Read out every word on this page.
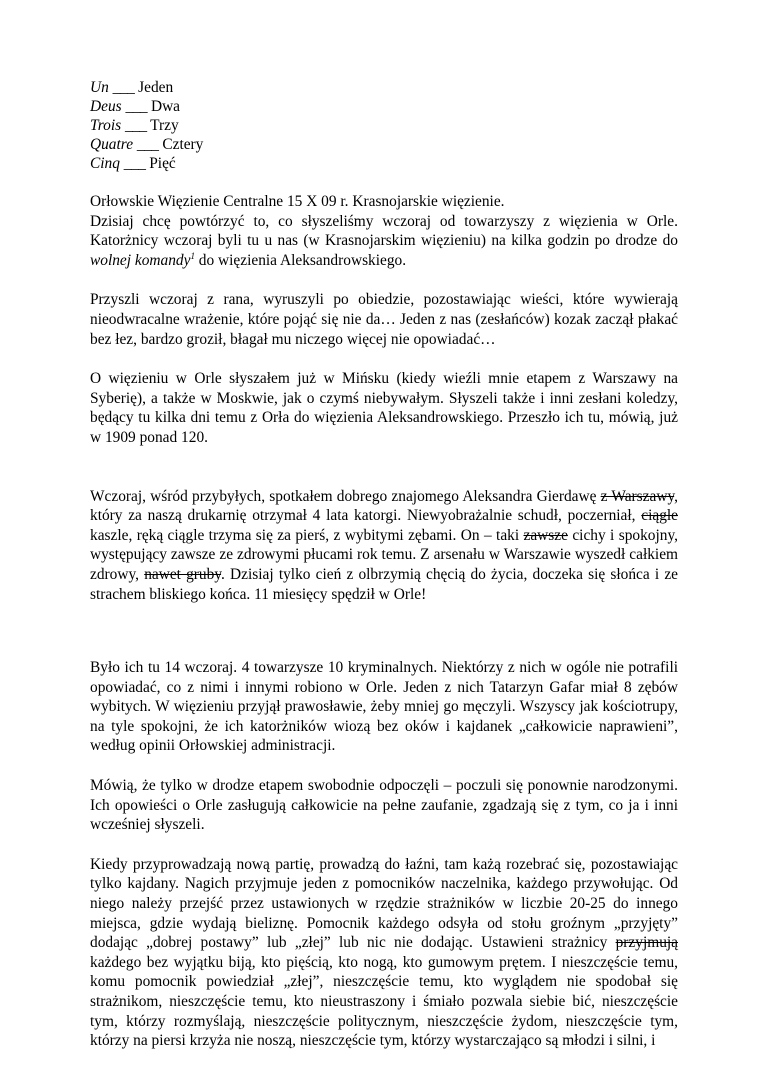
Un ___ Jeden
Deus ___ Dwa
Trois ___ Trzy
Quatre ___ Cztery
Cinq ___ Pięć

Orłowskie Więzienie Centralne 15 X 09 r. Krasnojarskie więzienie.
Dzisiaj chcę powtórzyć to, co słyszeliśmy wczoraj od towarzyszy z więzienia w Orle. Katorżnicy wczoraj byli tu u nas (w Krasnojarskim więzieniu) na kilka godzin po drodze do wolnej komandy$^1$ do więzienia Aleksandrowskiego.

Przyszli wczoraj z rana, wyruszyli po obiedzie, pozostawiając wieści, które wywierają nieodwracalne wrażenie, które pojąć się nie da… Jeden z nas (zesłańców) kozak zaczął płakać bez łez, bardzo groził, błagał mu niczego więcej nie opowiadać…

O więzieniu w Orle słyszałem już w Mińsku (kiedy wieźli mnie etapem z Warszawy na Syberię), a także w Moskwie, jak o czymś niebywałym. Słyszeli także i inni zesłani koledzy, będący tu kilka dni temu z Orła do więzienia Aleksandrowskiego. Przeszło ich tu, mówią, już w 1909 ponad 120.

Wczoraj, wśród przybyłych, spotkałem dobrego znajomego Aleksandra Gierdawę z Warszawy, który za naszą drukarnię otrzymał 4 lata katorgi. Niewyobrażalnie schudł, poczerniał, ciągle kaszle, ręką ciągle trzyma się za pierś, z wybitymi zębami. On – taki zawsze cichy i spokojny, występujący zawsze ze zdrowymi płucami rok temu. Z arsenału w Warszawie wyszedł całkiem zdrowy, nawet gruby. Dzisiaj tylko cień z olbrzymią chęcią do życia, doczeka się słońca i ze strachem bliskiego końca. 11 miesięcy spędził w Orle!

Było ich tu 14 wczoraj. 4 towarzysze 10 kryminalnych. Niektórzy z nich w ogóle nie potrafili opowiadać, co z nimi i innymi robiono w Orle. Jeden z nich Tatarzyn Gafar miał 8 zębów wybitych. W więzieniu przyjął prawosławie, żeby mniej go męczyli. Wszyscy jak kościotrupy, na tyle spokojni, że ich katorżników wiozą bez oków i kajdanek „całkowicie naprawieni”, według opinii Orłowskiej administracji.

Mówią, że tylko w drodze etapem swobodnie odpoczęli – poczuli się ponownie narodzonymi. Ich opowieści o Orle zasługują całkowicie na pełne zaufanie, zgadzają się z tym, co ja i inni wcześniej słyszeli.

Kiedy przyprowadzają nową partię, prowadzą do łaźni, tam każą rozebrać się, pozostawiając tylko kajdany. Nagich przyjmuje jeden z pomocników naczelnika, każdego przywołując. Od niego należy przejść przez ustawionych w rzędzie strażników w liczbie 20-25 do innego miejsca, gdzie wydają bieliznę. Pomocnik każdego odsyła od stołu groźnym „przyjęty” dodając „dobrej postawy” lub „złej” lub nic nie dodając. Ustawieni strażnicy przyjmują każdego bez wyjątku biją, kto pięścią, kto nogą, kto gumowym prętem. I nieszczęście temu, komu pomocnik powiedział „złej”, nieszczęście temu, kto wyglądem nie spodobał się strażnikom, nieszczęście temu, kto nieustraszony i śmiało pozwala siebie bić, nieszczęście tym, którzy rozmyślają, nieszczęście politycznym, nieszczęście żydom, nieszczęście tym, którzy na piersi krzyża nie noszą, nieszczęście tym, którzy wystarczająco są młodzi i silni, i
